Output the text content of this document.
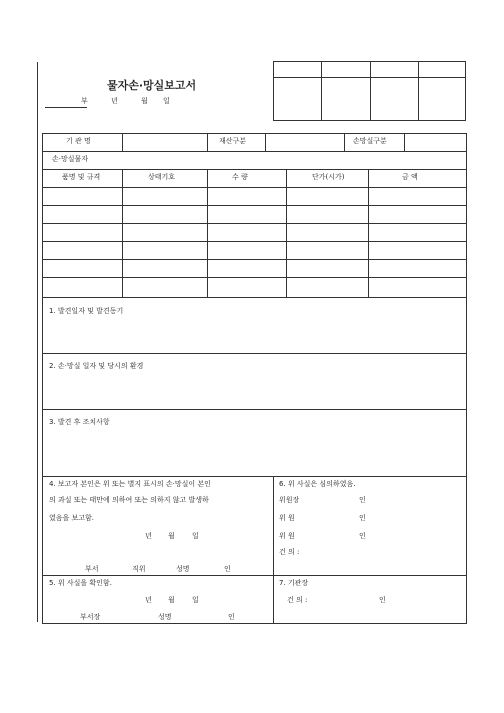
물자손·망실보고서
부	년	월 일
기 관 명	재산구분	손망실구분
손·망실물자
품명 및 규격	상태기호	수 량	단가(시가)	금 액
1. 발견일자 및 발견동기
2. 손·망실 일자 및 당시의 환경
3. 발견 후 조치사항
4. 보고자 본인은 위 또는 별지 표시의 손·망실이 본인
의 과실 또는 태만에 의하여 또는 의하지 않고 발생하
였음을 보고함.
년 월 일
부서	직위	성명	인
6. 위 사실은 심의하였음.
위원장	인
위 원	인
위 원	인
건 의 :
5. 위 사실을 확인함.
년 월 일
부서장	성명	인
7. 기관장
건 의 :	인
